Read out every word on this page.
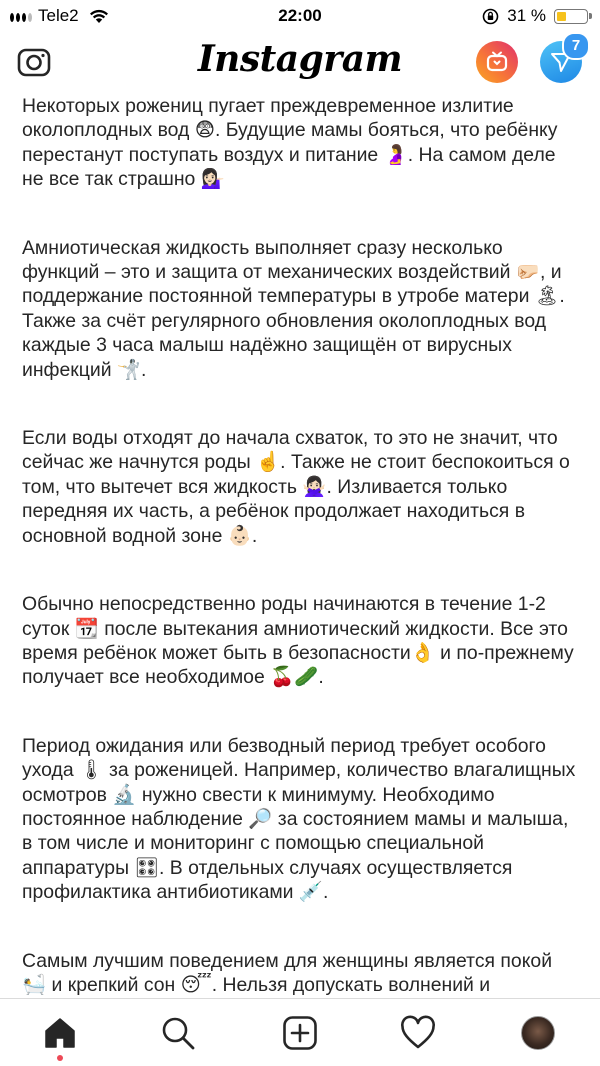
Tele2	22:00	31 %
Instagram	7

Некоторых рожениц пугает преждевременное излитие околоплодных вод 😨. Будущие мамы бояться, что ребёнку перестанут поступать воздух и питание 🤰. На самом деле не все так страшно 💁🏻‍♀️

Амниотическая жидкость выполняет сразу несколько функций – это и защита от механических воздействий 🤛🏻, и поддержание постоянной температуры в утробе матери 🏝. Также за счёт регулярного обновления околоплодных вод каждые 3 часа малыш надёжно защищён от вирусных инфекций 🤺.

Если воды отходят до начала схваток, то это не значит, что сейчас же начнутся роды ☝️. Также не стоит беспокоиться о том, что вытечет вся жидкость 🙅🏻‍♀️. Изливается только передняя их часть, а ребёнок продолжает находиться в основной водной зоне 👶🏻.

Обычно непосредственно роды начинаются в течение 1-2 суток 📆 после вытекания амниотический жидкости. Все это время ребёнок может быть в безопасности👌 и по-прежнему получает все необходимое 🍒🥒.

Период ожидания или безводный период требует особого ухода 🌡 за роженицей. Например, количество влагалищных осмотров 🔬 нужно свести к минимуму. Необходимо постоянное наблюдение 🔎 за состоянием мамы и малыша, в том числе и мониторинг с помощью специальной аппаратуры 🎛. В отдельных случаях осуществляется профилактика антибиотиками 💉.

Самым лучшим поведением для женщины является покой 🛀 и крепкий сон 😴. Нельзя допускать волнений и
